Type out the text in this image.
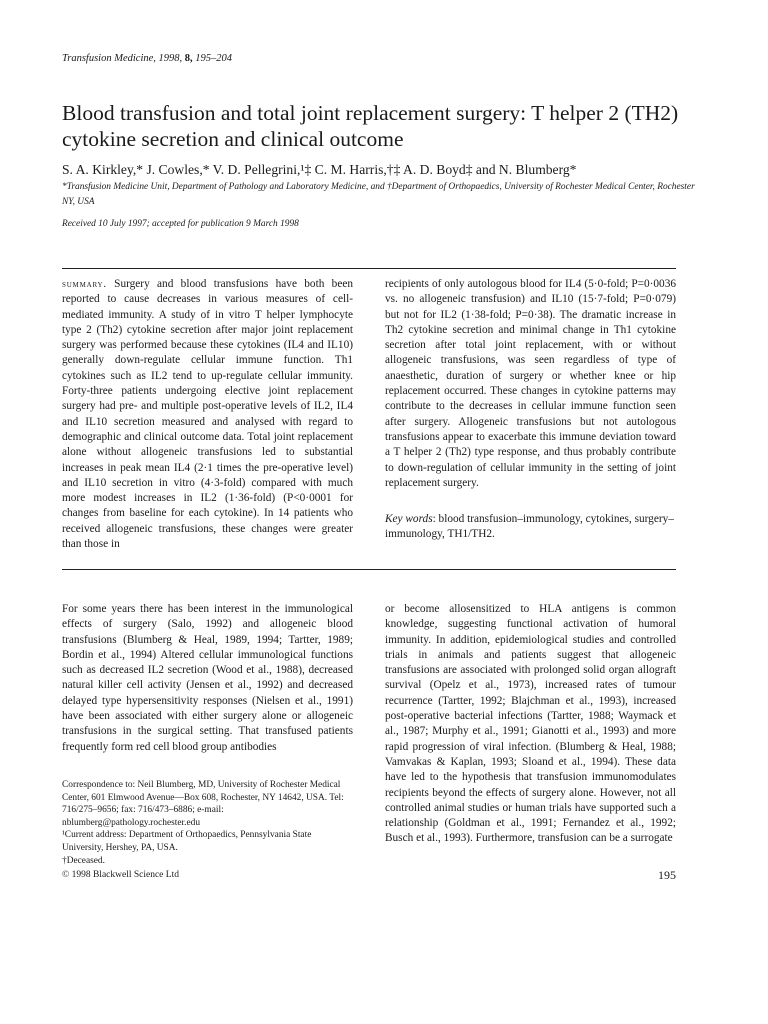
Transfusion Medicine, 1998, 8, 195–204
Blood transfusion and total joint replacement surgery: T helper 2 (TH2) cytokine secretion and clinical outcome
S. A. Kirkley,* J. Cowles,* V. D. Pellegrini,¹‡ C. M. Harris,†‡ A. D. Boyd‡ and N. Blumberg*
*Transfusion Medicine Unit, Department of Pathology and Laboratory Medicine, and †Department of Orthopaedics, University of Rochester Medical Center, Rochester NY, USA
Received 10 July 1997; accepted for publication 9 March 1998
summary. Surgery and blood transfusions have both been reported to cause decreases in various measures of cell-mediated immunity. A study of in vitro T helper lymphocyte type 2 (Th2) cytokine secretion after major joint replacement surgery was performed because these cytokines (IL4 and IL10) generally down-regulate cellular immune function. Th1 cytokines such as IL2 tend to up-regulate cellular immunity. Forty-three patients undergoing elective joint replacement surgery had pre- and multiple post-operative levels of IL2, IL4 and IL10 secretion measured and analysed with regard to demographic and clinical outcome data. Total joint replacement alone without allogeneic transfusions led to substantial increases in peak mean IL4 (2·1 times the pre-operative level) and IL10 secretion in vitro (4·3-fold) compared with much more modest increases in IL2 (1·36-fold) (P<0·0001 for changes from baseline for each cytokine). In 14 patients who received allogeneic transfusions, these changes were greater than those in
recipients of only autologous blood for IL4 (5·0-fold; P=0·0036 vs. no allogeneic transfusion) and IL10 (15·7-fold; P=0·079) but not for IL2 (1·38-fold; P=0·38). The dramatic increase in Th2 cytokine secretion and minimal change in Th1 cytokine secretion after total joint replacement, with or without allogeneic transfusions, was seen regardless of type of anaesthetic, duration of surgery or whether knee or hip replacement occurred. These changes in cytokine patterns may contribute to the decreases in cellular immune function seen after surgery. Allogeneic transfusions but not autologous transfusions appear to exacerbate this immune deviation toward a T helper 2 (Th2) type response, and thus probably contribute to down-regulation of cellular immunity in the setting of joint replacement surgery.
Key words: blood transfusion–immunology, cytokines, surgery–immunology, TH1/TH2.
For some years there has been interest in the immunological effects of surgery (Salo, 1992) and allogeneic blood transfusions (Blumberg & Heal, 1989, 1994; Tartter, 1989; Bordin et al., 1994) Altered cellular immunological functions such as decreased IL2 secretion (Wood et al., 1988), decreased natural killer cell activity (Jensen et al., 1992) and decreased delayed type hypersensitivity responses (Nielsen et al., 1991) have been associated with either surgery alone or allogeneic transfusions in the surgical setting. That transfused patients frequently form red cell blood group antibodies
Correspondence to: Neil Blumberg, MD, University of Rochester Medical Center, 601 Elmwood Avenue—Box 608, Rochester, NY 14642, USA. Tel: 716/275–9656; fax: 716/473–6886; e-mail: nblumberg@pathology.rochester.edu
¹Current address: Department of Orthopaedics, Pennsylvania State University, Hershey, PA, USA.
†Deceased.
or become allosensitized to HLA antigens is common knowledge, suggesting functional activation of humoral immunity. In addition, epidemiological studies and controlled trials in animals and patients suggest that allogeneic transfusions are associated with prolonged solid organ allograft survival (Opelz et al., 1973), increased rates of tumour recurrence (Tartter, 1992; Blajchman et al., 1993), increased post-operative bacterial infections (Tartter, 1988; Waymack et al., 1987; Murphy et al., 1991; Gianotti et al., 1993) and more rapid progression of viral infection. (Blumberg & Heal, 1988; Vamvakas & Kaplan, 1993; Sloand et al., 1994). These data have led to the hypothesis that transfusion immunomodulates recipients beyond the effects of surgery alone. However, not all controlled animal studies or human trials have supported such a relationship (Goldman et al., 1991; Fernandez et al., 1992; Busch et al., 1993). Furthermore, transfusion can be a surrogate
© 1998 Blackwell Science Ltd	195
